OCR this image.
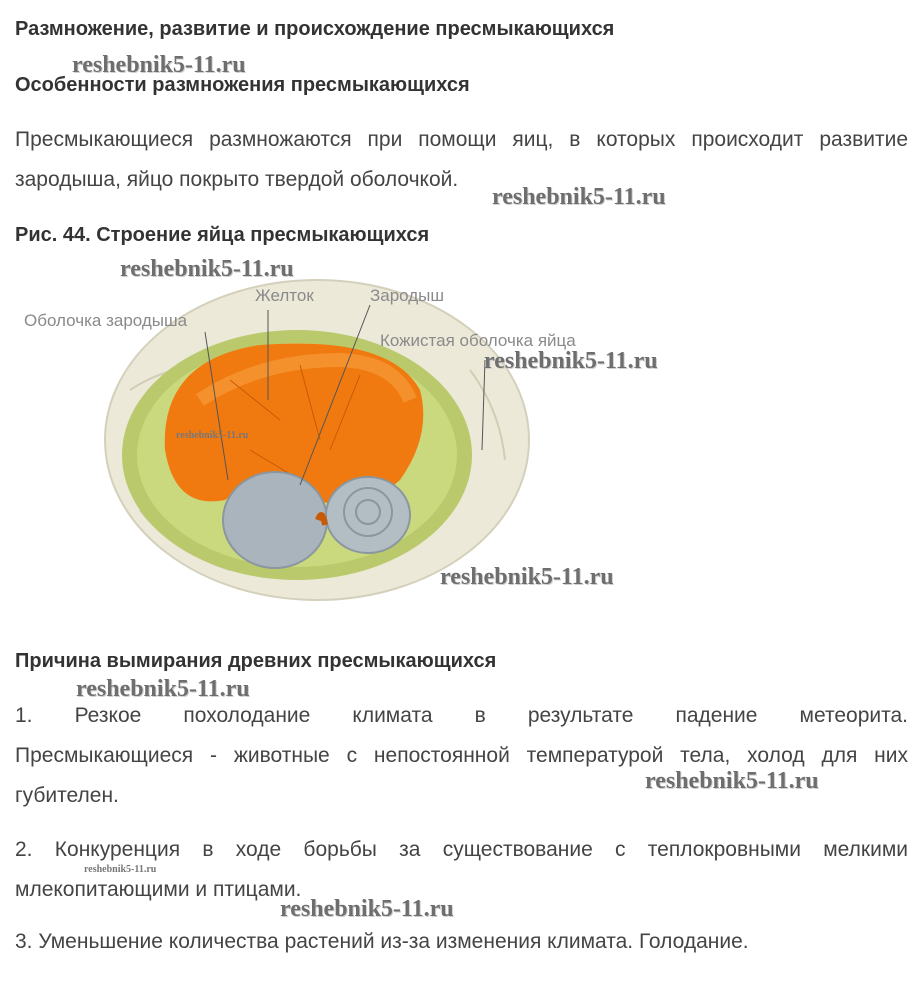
Размножение, развитие и происхождение пресмыкающихся
Особенности размножения пресмыкающихся
Пресмыкающиеся размножаются при помощи яиц, в которых происходит развитие
зародыша, яйцо покрыто твердой оболочкой.
Рис. 44. Строение яйца пресмыкающихся
Желток	Зародыш
Оболочка зародыша
Кожистая оболочка яйца
Причина вымирания древних пресмыкающихся
1. Резкое похолодание климата в результате падение метеорита.
Пресмыкающиеся - животные с непостоянной температурой тела, холод для них
губителен.
2. Конкуренция в ходе борьбы за существование с теплокровными мелкими
млекопитающими и птицами.
3. Уменьшение количества растений из-за изменения климата. Голодание.
reshebnik5-11.ru
reshebnik5-11.ru
reshebnik5-11.ru
reshebnik5-11.ru
reshebnik5-11.ru
reshebnik5-11.ru
reshebnik5-11.ru
reshebnik5-11.ru
reshebnik5-11.ru
reshebnik5-11.ru
